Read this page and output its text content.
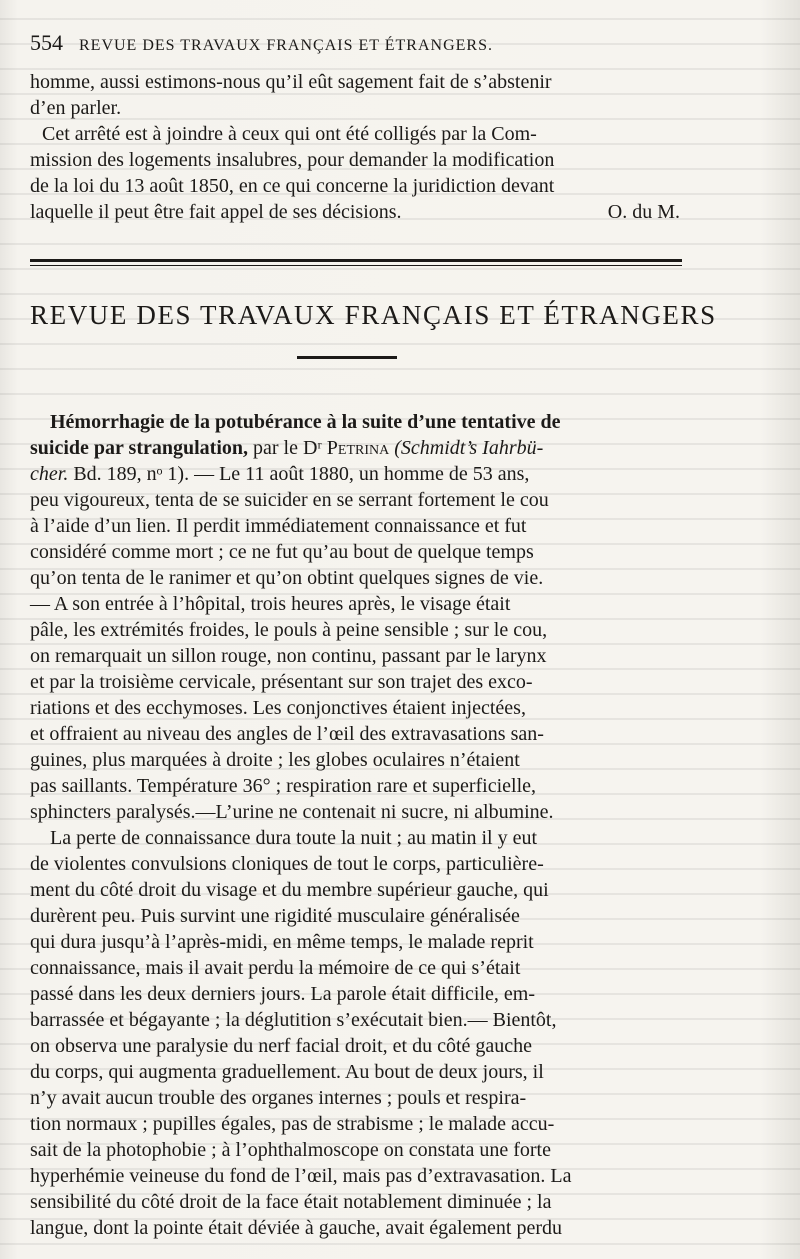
554 REVUE DES TRAVAUX FRANÇAIS ET ÉTRANGERS.
homme, aussi estimons-nous qu’il eût sagement fait de s’abstenir
d’en parler.
Cet arrêté est à joindre à ceux qui ont été colligés par la Com-
mission des logements insalubres, pour demander la modification
de la loi du 13 août 1850, en ce qui concerne la juridiction devant
laquelle il peut être fait appel de ses décisions.	O. du M.
REVUE DES TRAVAUX FRANÇAIS ET ÉTRANGERS
Hémorrhagie de la potubérance à la suite d’une tentative de
suicide par strangulation, par le Dʳ Petrina (Schmidt’s Iahrbü-
cher. Bd. 189, nᵒ 1). — Le 11 août 1880, un homme de 53 ans,
peu vigoureux, tenta de se suicider en se serrant fortement le cou
à l’aide d’un lien. Il perdit immédiatement connaissance et fut
considéré comme mort ; ce ne fut qu’au bout de quelque temps
qu’on tenta de le ranimer et qu’on obtint quelques signes de vie.
— A son entrée à l’hôpital, trois heures après, le visage était
pâle, les extrémités froides, le pouls à peine sensible ; sur le cou,
on remarquait un sillon rouge, non continu, passant par le larynx
et par la troisième cervicale, présentant sur son trajet des exco-
riations et des ecchymoses. Les conjonctives étaient injectées,
et offraient au niveau des angles de l’œil des extravasations san-
guines, plus marquées à droite ; les globes oculaires n’étaient
pas saillants. Température 36° ; respiration rare et superficielle,
sphincters paralysés.—L’urine ne contenait ni sucre, ni albumine.
La perte de connaissance dura toute la nuit ; au matin il y eut
de violentes convulsions cloniques de tout le corps, particulière-
ment du côté droit du visage et du membre supérieur gauche, qui
durèrent peu. Puis survint une rigidité musculaire généralisée
qui dura jusqu’à l’après-midi, en même temps, le malade reprit
connaissance, mais il avait perdu la mémoire de ce qui s’était
passé dans les deux derniers jours. La parole était difficile, em-
barrassée et bégayante ; la déglutition s’exécutait bien.— Bientôt,
on observa une paralysie du nerf facial droit, et du côté gauche
du corps, qui augmenta graduellement. Au bout de deux jours, il
n’y avait aucun trouble des organes internes ; pouls et respira-
tion normaux ; pupilles égales, pas de strabisme ; le malade accu-
sait de la photophobie ; à l’ophthalmoscope on constata une forte
hyperhémie veineuse du fond de l’œil, mais pas d’extravasation. La
sensibilité du côté droit de la face était notablement diminuée ; la
langue, dont la pointe était déviée à gauche, avait également perdu
